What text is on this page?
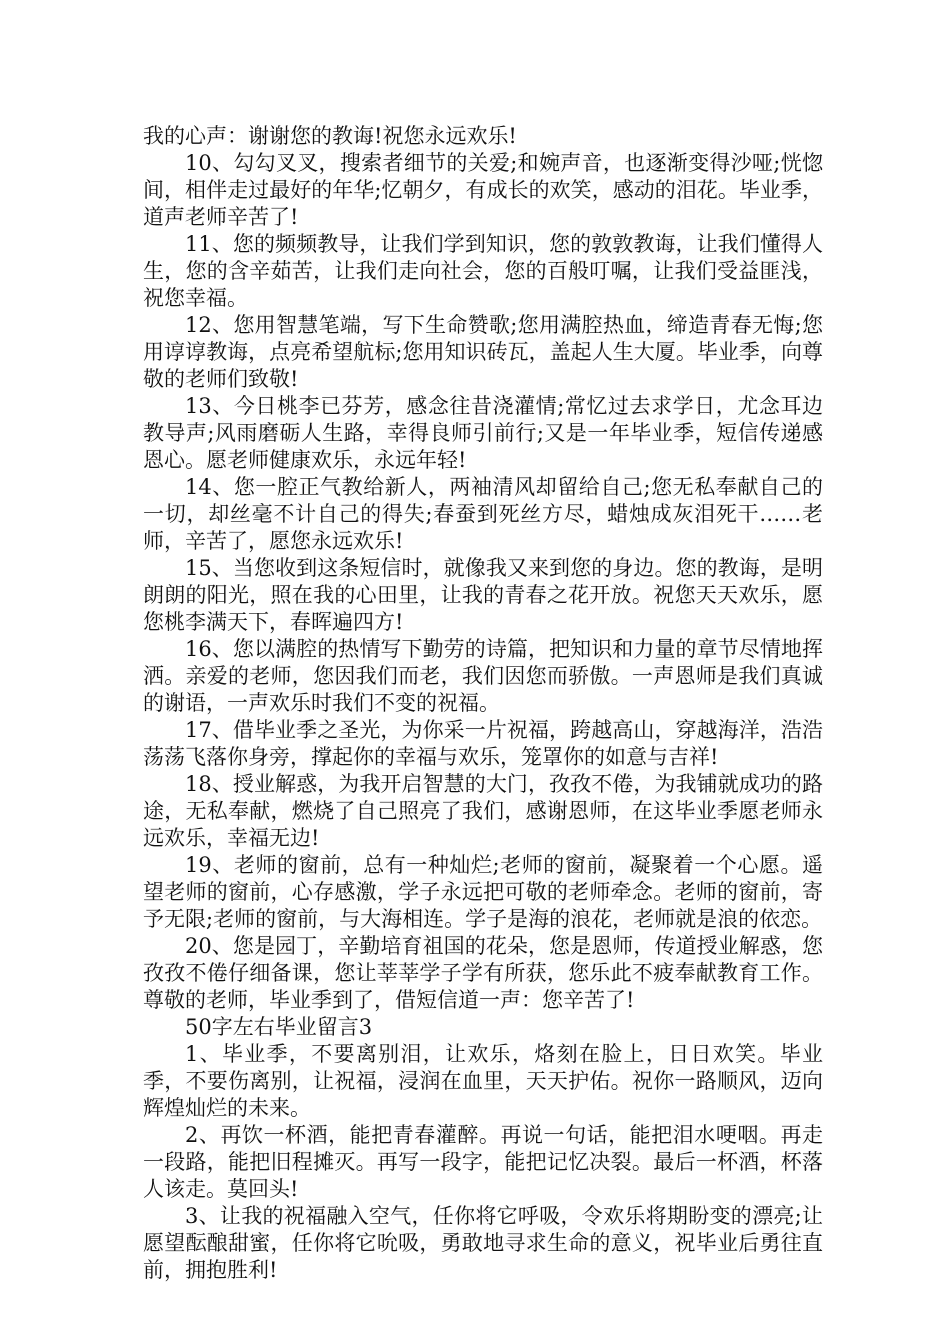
我的心声：谢谢您的教诲!祝您永远欢乐!

10、勾勾叉叉，搜索者细节的关爱;和婉声音，也逐渐变得沙哑;恍惚间，相伴走过最好的年华;忆朝夕，有成长的欢笑，感动的泪花。毕业季，道声老师辛苦了!

11、您的频频教导，让我们学到知识，您的敦敦教诲，让我们懂得人生，您的含辛茹苦，让我们走向社会，您的百般叮嘱，让我们受益匪浅，祝您幸福。

12、您用智慧笔端，写下生命赞歌;您用满腔热血，缔造青春无悔;您用谆谆教诲，点亮希望航标;您用知识砖瓦，盖起人生大厦。毕业季，向尊敬的老师们致敬!

13、今日桃李已芬芳，感念往昔浇灌情;常忆过去求学日，尤念耳边教导声;风雨磨砺人生路，幸得良师引前行;又是一年毕业季，短信传递感恩心。愿老师健康欢乐，永远年轻!

14、您一腔正气教给新人，两袖清风却留给自己;您无私奉献自己的一切，却丝毫不计自己的得失;春蚕到死丝方尽，蜡烛成灰泪死干……老师，辛苦了，愿您永远欢乐!

15、当您收到这条短信时，就像我又来到您的身边。您的教诲，是明朗朗的阳光，照在我的心田里，让我的青春之花开放。祝您天天欢乐，愿您桃李满天下，春晖遍四方!

16、您以满腔的热情写下勤劳的诗篇，把知识和力量的章节尽情地挥洒。亲爱的老师，您因我们而老，我们因您而骄傲。一声恩师是我们真诚的谢语，一声欢乐时我们不变的祝福。

17、借毕业季之圣光，为你采一片祝福，跨越高山，穿越海洋，浩浩荡荡飞落你身旁，撑起你的幸福与欢乐，笼罩你的如意与吉祥!

18、授业解惑，为我开启智慧的大门，孜孜不倦，为我铺就成功的路途，无私奉献，燃烧了自己照亮了我们，感谢恩师，在这毕业季愿老师永远欢乐，幸福无边!

19、老师的窗前，总有一种灿烂;老师的窗前，凝聚着一个心愿。遥望老师的窗前，心存感激，学子永远把可敬的老师牵念。老师的窗前，寄予无限;老师的窗前，与大海相连。学子是海的浪花，老师就是浪的依恋。

20、您是园丁，辛勤培育祖国的花朵，您是恩师，传道授业解惑，您孜孜不倦仔细备课，您让莘莘学子学有所获，您乐此不疲奉献教育工作。尊敬的老师，毕业季到了，借短信道一声：您辛苦了!

50字左右毕业留言3

1、毕业季，不要离别泪，让欢乐，烙刻在脸上，日日欢笑。毕业季，不要伤离别，让祝福，浸润在血里，天天护佑。祝你一路顺风，迈向辉煌灿烂的未来。

2、再饮一杯酒，能把青春灌醉。再说一句话，能把泪水哽咽。再走一段路，能把旧程摊灭。再写一段字，能把记忆决裂。最后一杯酒，杯落人该走。莫回头!

3、让我的祝福融入空气，任你将它呼吸，令欢乐将期盼变的漂亮;让愿望酝酿甜蜜，任你将它吮吸，勇敢地寻求生命的意义，祝毕业后勇往直前，拥抱胜利!
